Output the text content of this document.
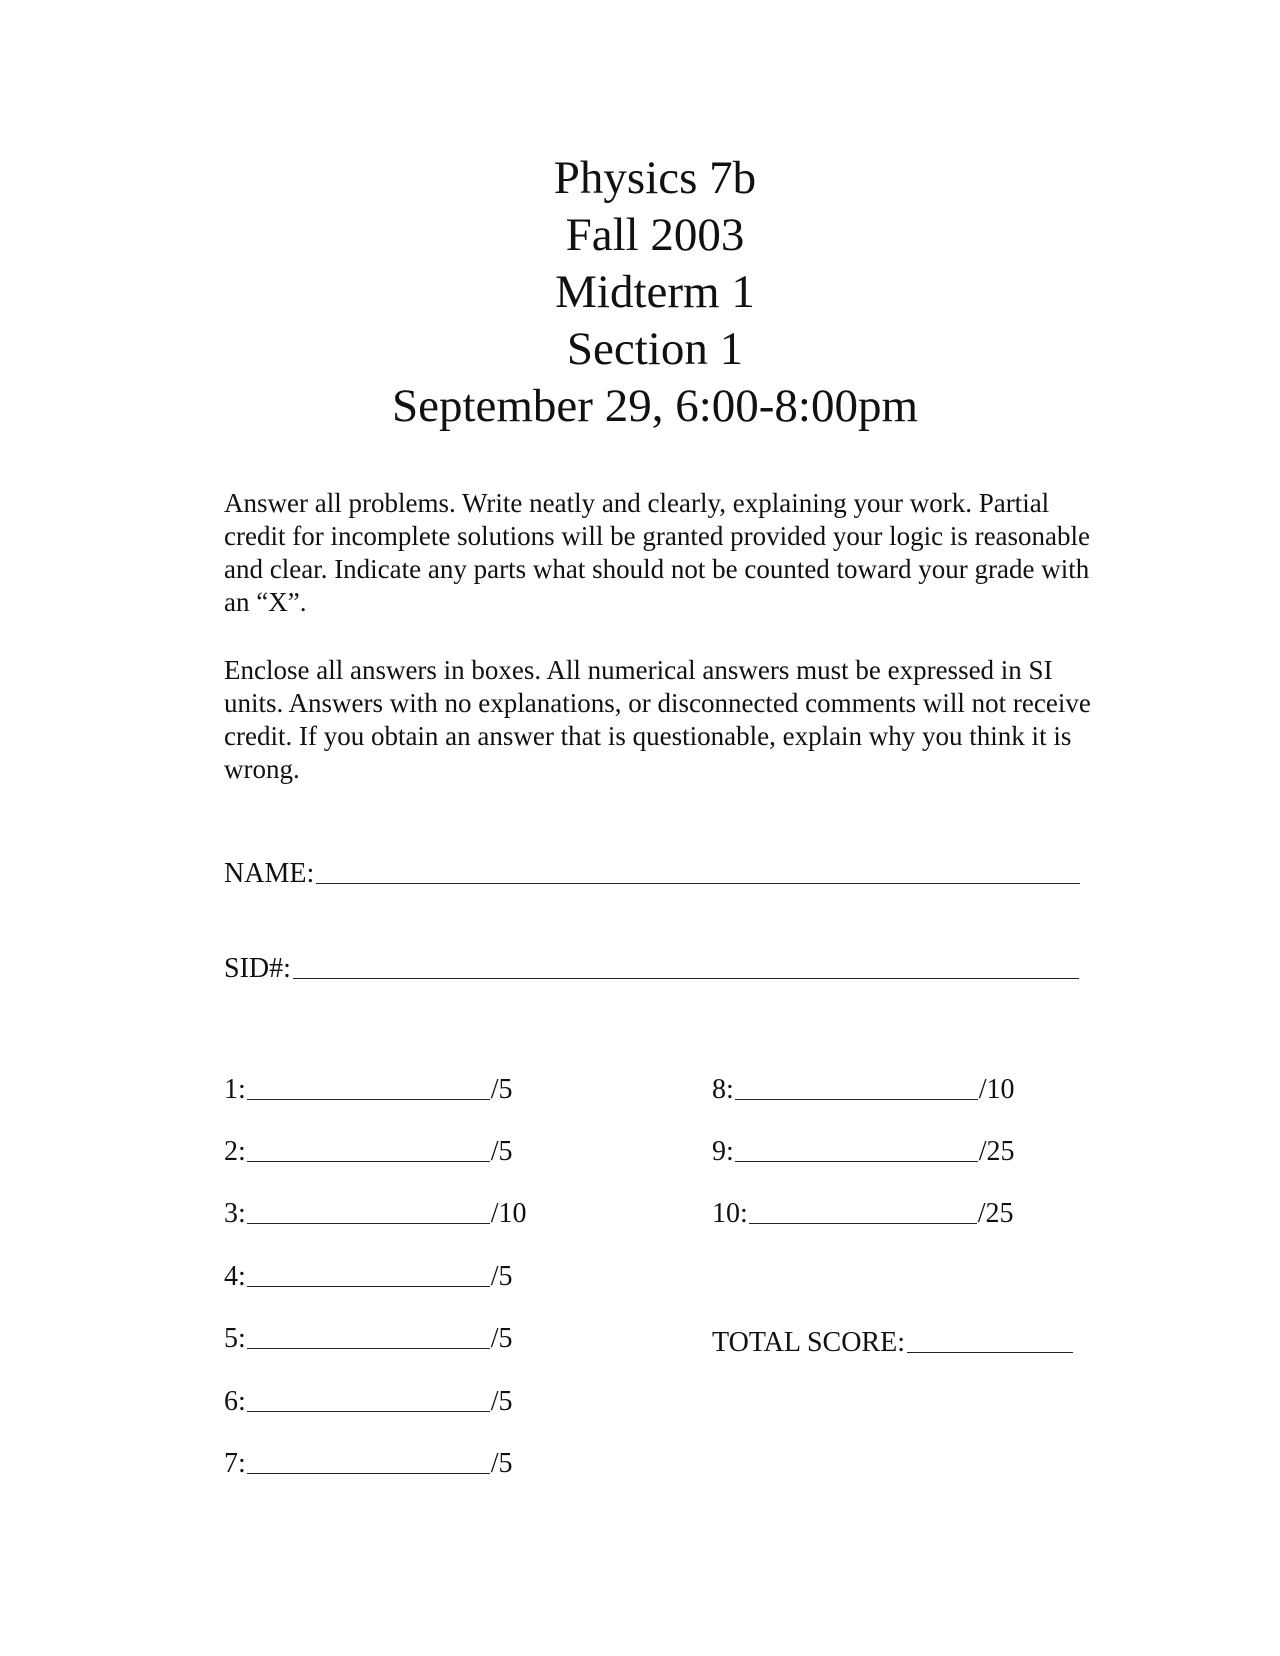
Physics 7b
Fall 2003
Midterm 1
Section 1
September 29, 6:00-8:00pm

Answer all problems. Write neatly and clearly, explaining your work. Partial credit for incomplete solutions will be granted provided your logic is reasonable and clear. Indicate any parts what should not be counted toward your grade with an “X”.

Enclose all answers in boxes. All numerical answers must be expressed in SI units. Answers with no explanations, or disconnected comments will not receive credit. If you obtain an answer that is questionable, explain why you think it is wrong.

NAME:
SID#:
1:	/5
2:	/5
3:	/10
4:	/5
5:	/5
6:	/5
7:	/5
8:	/10
9:	/25
10:	/25
TOTAL SCORE:
